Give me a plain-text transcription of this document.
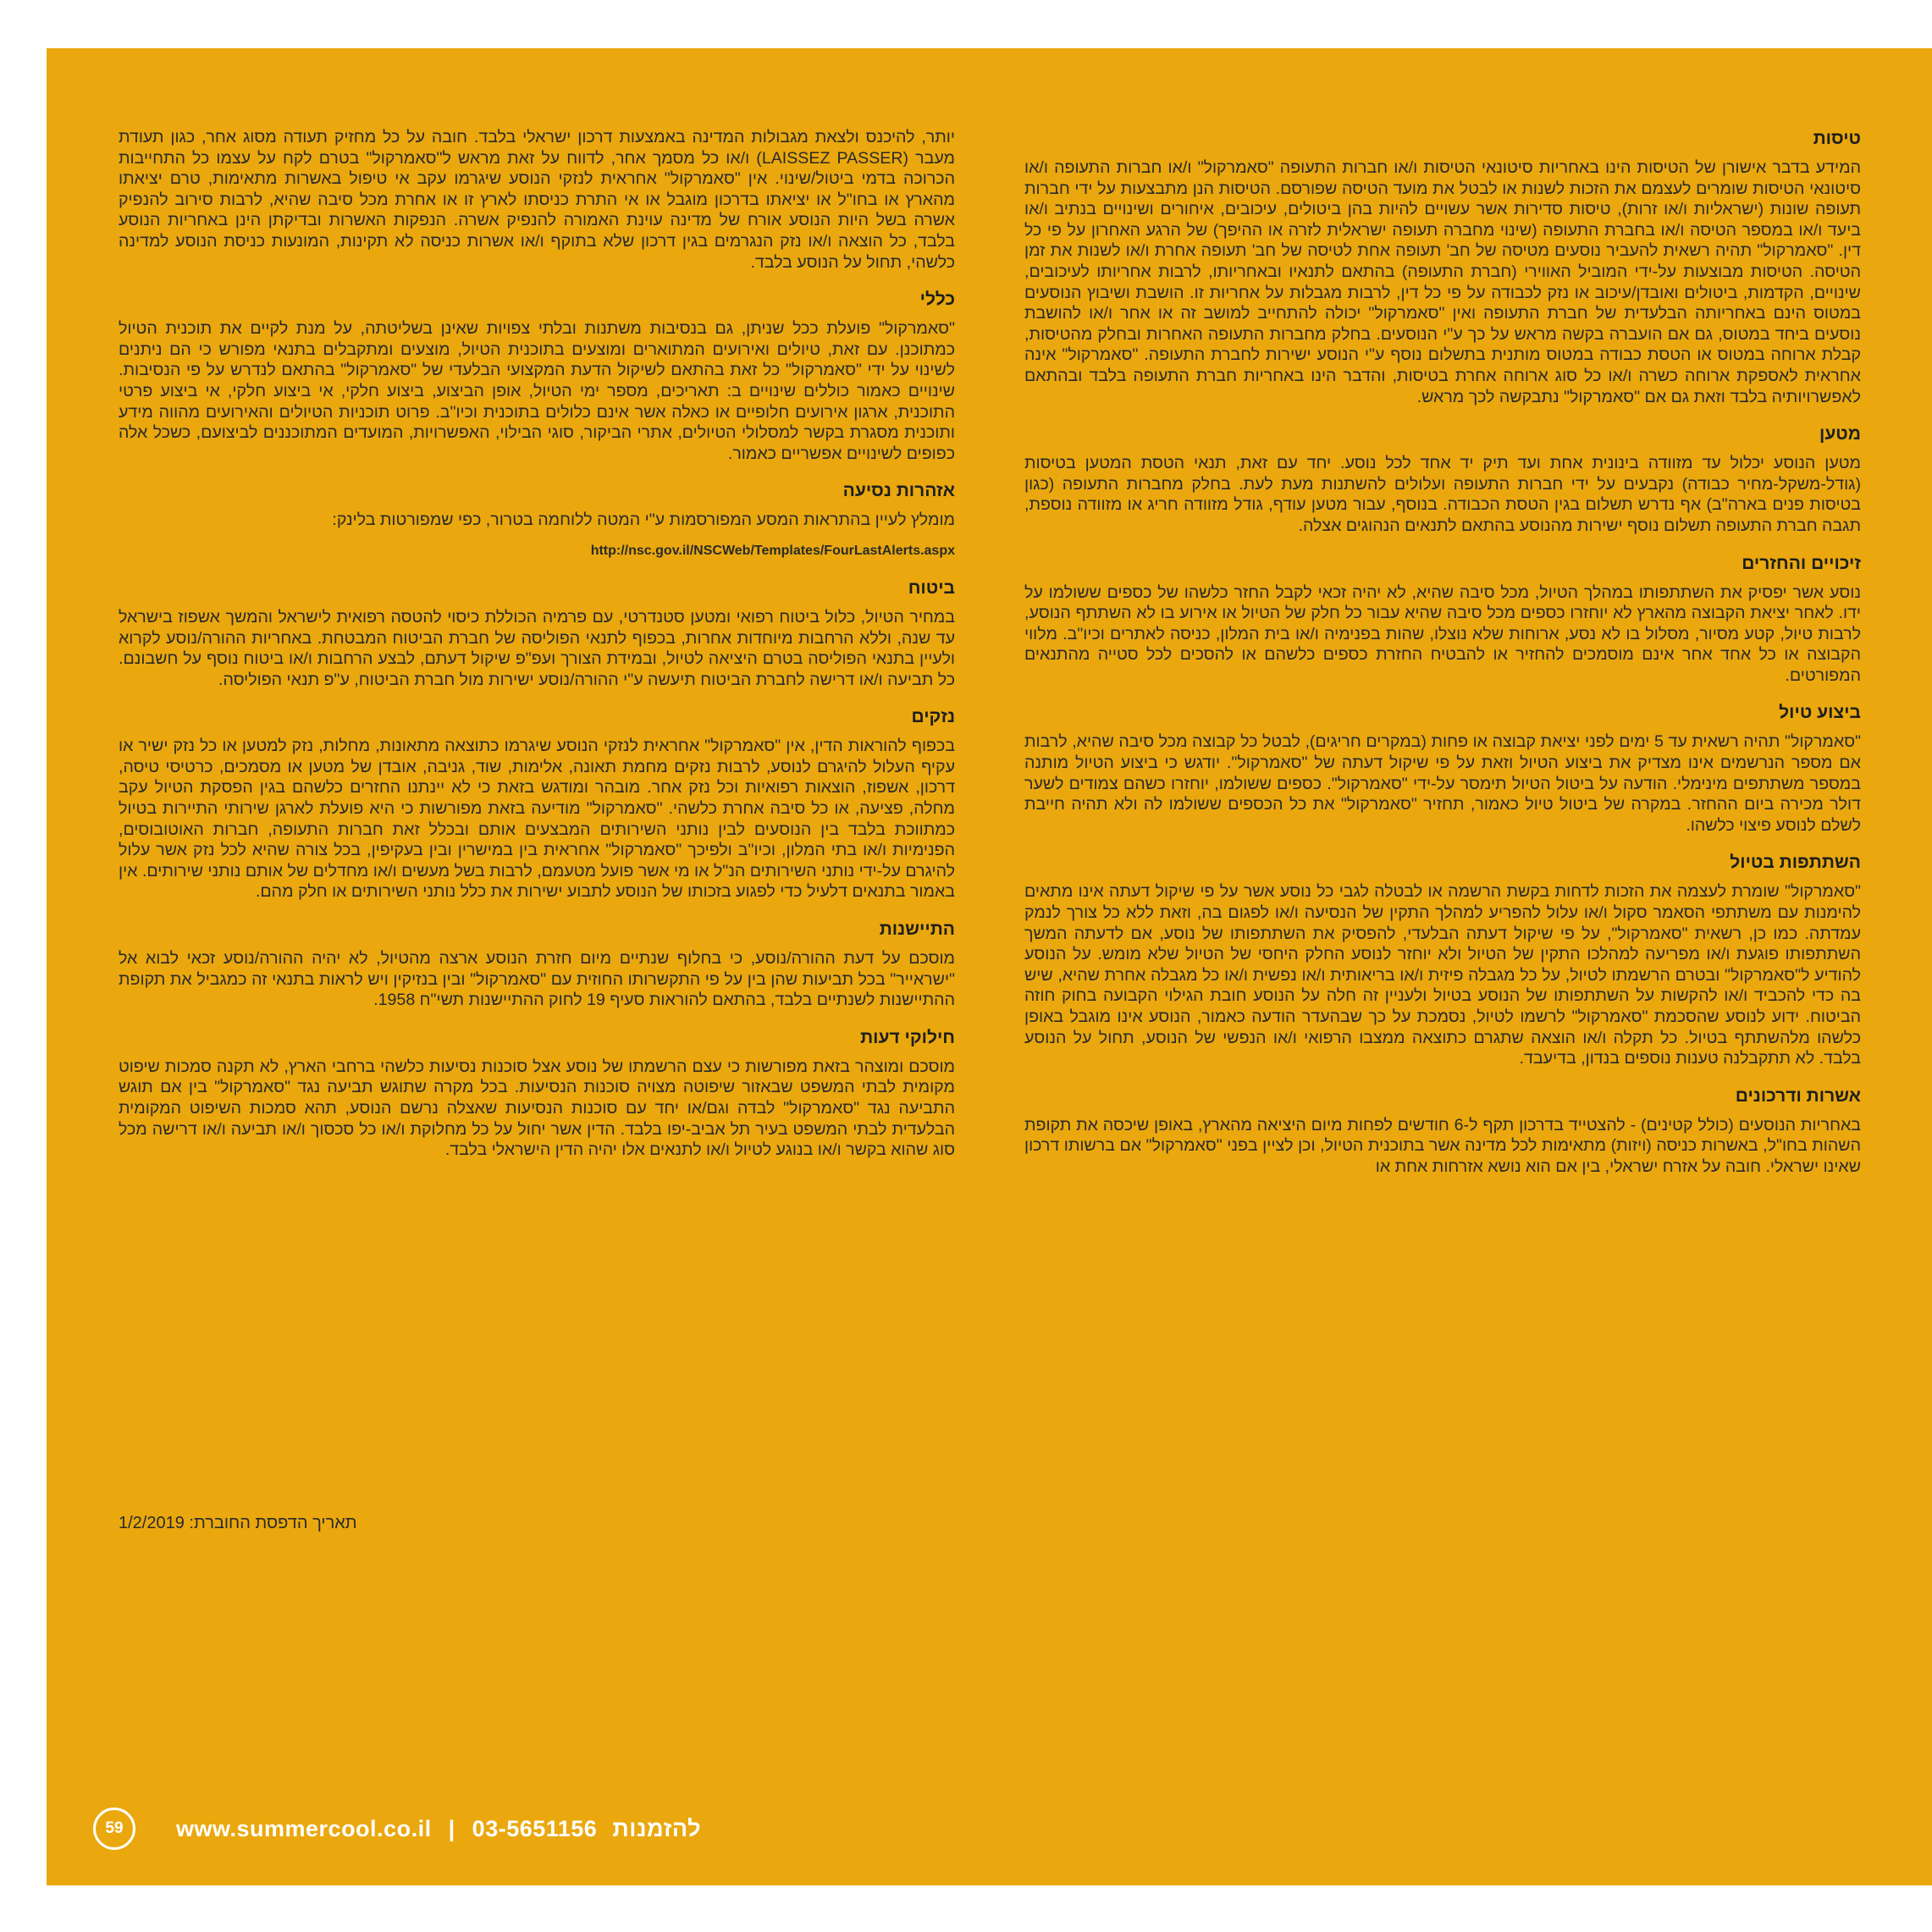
טיסות

המידע בדבר אישורן של הטיסות הינו באחריות סיטונאי הטיסות ו/או חברות התעופה "סאמרקול" ו/או חברות התעופה ו/או סיטונאי הטיסות שומרים לעצמם את הזכות לשנות או לבטל את מועד הטיסה שפורסם. הטיסות הנן מתבצעות על ידי חברות תעופה שונות (ישראליות ו/או זרות), טיסות סדירות אשר עשויים להיות בהן ביטולים, עיכובים, איחורים ושינויים בנתיב ו/או ביעד ו/או במספר הטיסה ו/או בחברת התעופה (שינוי מחברה תעופה ישראלית לזרה או ההיפך) של הרגע האחרון על פי כל דין. "סאמרקול" תהיה רשאית להעביר נוסעים מטיסה של חב' תעופה אחת לטיסה של חב' תעופה אחרת ו/או לשנות את זמן הטיסה. הטיסות מבוצעות על-ידי המוביל האווירי (חברת התעופה) בהתאם לתנאיו ובאחריותו, לרבות אחריותו לעיכובים, שינויים, הקדמות, ביטולים ואובדן/עיכוב או נזק לכבודה על פי כל דין, לרבות מגבלות על אחריות זו. הושבת ושיבוץ הנוסעים במטוס הינם באחריותה הבלעדית של חברת התעופה ואין "סאמרקול" יכולה להתחייב למושב זה או אחר ו/או להושבת נוסעים ביחד במטוס, גם אם הועברה בקשה מראש על כך ע"י הנוסעים. בחלק מחברות התעופה האחרות ובחלק מהטיסות, קבלת ארוחה במטוס או הטסת כבודה במטוס מותנית בתשלום נוסף ע"י הנוסע ישירות לחברת התעופה. "סאמרקול" אינה אחראית לאספקת ארוחה כשרה ו/או כל סוג ארוחה אחרת בטיסות, והדבר הינו באחריות חברת התעופה בלבד ובהתאם לאפשרויותיה בלבד וזאת גם אם "סאמרקול" נתבקשה לכך מראש.

מטען

מטען הנוסע יכלול עד מזוודה בינונית אחת ועד תיק יד אחד לכל נוסע. יחד עם זאת, תנאי הטסת המטען בטיסות (גודל-משקל-מחיר כבודה) נקבעים על ידי חברות התעופה ועלולים להשתנות מעת לעת. בחלק מחברות התעופה (כגון בטיסות פנים בארה"ב) אף נדרש תשלום בגין הטסת הכבודה. בנוסף, עבור מטען עודף, גודל מזוודה חריג או מזוודה נוספת, תגבה חברת התעופה תשלום נוסף ישירות מהנוסע בהתאם לתנאים הנהוגים אצלה.

זיכויים והחזרים

נוסע אשר יפסיק את השתתפותו במהלך הטיול, מכל סיבה שהיא, לא יהיה זכאי לקבל החזר כלשהו של כספים ששולמו על ידו. לאחר יציאת הקבוצה מהארץ לא יוחזרו כספים מכל סיבה שהיא עבור כל חלק של הטיול או אירוע בו לא השתתף הנוסע, לרבות טיול, קטע מסיור, מסלול בו לא נסע, ארוחות שלא נוצלו, שהות בפנימיה ו/או בית המלון, כניסה לאתרים וכיו"ב. מלווי הקבוצה או כל אחד אחר אינם מוסמכים להחזיר או להבטיח החזרת כספים כלשהם או להסכים לכל סטייה מהתנאים המפורטים.

ביצוע טיול

"סאמרקול" תהיה רשאית עד 5 ימים לפני יציאת קבוצה או פחות (במקרים חריגים), לבטל כל קבוצה מכל סיבה שהיא, לרבות אם מספר הנרשמים אינו מצדיק את ביצוע הטיול וזאת על פי שיקול דעתה של "סאמרקול". יודגש כי ביצוע הטיול מותנה במספר משתתפים מינימלי. הודעה על ביטול הטיול תימסר על-ידי "סאמרקול". כספים ששולמו, יוחזרו כשהם צמודים לשער דולר מכירה ביום ההחזר. במקרה של ביטול טיול כאמור, תחזיר "סאמרקול" את כל הכספים ששולמו לה ולא תהיה חייבת לשלם לנוסע פיצוי כלשהו.

השתתפות בטיול

"סאמרקול" שומרת לעצמה את הזכות לדחות בקשת הרשמה או לבטלה לגבי כל נוסע אשר על פי שיקול דעתה אינו מתאים להימנות עם משתתפי הסאמר סקול ו/או עלול להפריע למהלך התקין של הנסיעה ו/או לפגום בה, וזאת ללא כל צורך לנמק עמדתה. כמו כן, רשאית "סאמרקול", על פי שיקול דעתה הבלעדי, להפסיק את השתתפותו של נוסע, אם לדעתה המשך השתתפותו פוגעת ו/או מפריעה למהלכו התקין של הטיול ולא יוחזר לנוסע החלק היחסי של הטיול שלא מומש. על הנוסע להודיע ל"סאמרקול" ובטרם הרשמתו לטיול, על כל מגבלה פיזית ו/או בריאותית ו/או נפשית ו/או כל מגבלה אחרת שהיא, שיש בה כדי להכביד ו/או להקשות על השתתפותו של הנוסע בטיול ולעניין זה חלה על הנוסע חובת הגילוי הקבועה בחוק חוזה הביטוח. ידוע לנוסע שהסכמת "סאמרקול" לרשמו לטיול, נסמכת על כך שבהעדר הודעה כאמור, הנוסע אינו מוגבל באופן כלשהו מלהשתתף בטיול. כל תקלה ו/או הוצאה שתגרם כתוצאה ממצבו הרפואי ו/או הנפשי של הנוסע, תחול על הנוסע בלבד. לא תתקבלנה טענות נוספים בנדון, בדיעבד.

אשרות ודרכונים

באחריות הנוסעים (כולל קטינים) - להצטייד בדרכון תקף ל-6 חודשים לפחות מיום היציאה מהארץ, באופן שיכסה את תקופת השהות בחו"ל, באשרות כניסה (ויזות) מתאימות לכל מדינה אשר בתוכנית הטיול, וכן לציין בפני "סאמרקול" אם ברשותו דרכון שאינו ישראלי. חובה על אזרח ישראלי, בין אם הוא נושא אזרחות אחת או

יותר, להיכנס ולצאת מגבולות המדינה באמצעות דרכון ישראלי בלבד. חובה על כל מחזיק תעודה מסוג אחר, כגון תעודת מעבר (LAISSEZ PASSER) ו/או כל מסמך אחר, לדווח על זאת מראש ל"סאמרקול" בטרם לקח על עצמו כל התחייבות הכרוכה בדמי ביטול/שינוי. אין "סאמרקול" אחראית לנזקי הנוסע שיגרמו עקב אי טיפול באשרות מתאימות, טרם יציאתו מהארץ או בחו"ל או יציאתו בדרכון מוגבל או אי התרת כניסתו לארץ זו או אחרת מכל סיבה שהיא, לרבות סירוב להנפיק אשרה בשל היות הנוסע אורח של מדינה עוינת האמורה להנפיק אשרה. הנפקות האשרות ובדיקתן הינן באחריות הנוסע בלבד, כל הוצאה ו/או נזק הנגרמים בגין דרכון שלא בתוקף ו/או אשרות כניסה לא תקינות, המונעות כניסת הנוסע למדינה כלשהי, תחול על הנוסע בלבד.

כללי

"סאמרקול" פועלת ככל שניתן, גם בנסיבות משתנות ובלתי צפויות שאינן בשליטתה, על מנת לקיים את תוכנית הטיול כמתוכנן. עם זאת, טיולים ואירועים המתוארים ומוצעים בתוכנית הטיול, מוצעים ומתקבלים בתנאי מפורש כי הם ניתנים לשינוי על ידי "סאמרקול" כל זאת בהתאם לשיקול הדעת המקצועי הבלעדי של "סאמרקול" בהתאם לנדרש על פי הנסיבות. שינויים כאמור כוללים שינויים ב: תאריכים, מספר ימי הטיול, אופן הביצוע, ביצוע חלקי, אי ביצוע חלקי, אי ביצוע פרטי התוכנית, ארגון אירועים חלופיים או כאלה אשר אינם כלולים בתוכנית וכיו"ב. פרוט תוכניות הטיולים והאירועים מהווה מידע ותוכנית מסגרת בקשר למסלולי הטיולים, אתרי הביקור, סוגי הבילוי, האפשרויות, המועדים המתוכננים לביצועם, כשכל אלה כפופים לשינויים אפשריים כאמור.

אזהרות נסיעה

מומלץ לעיין בהתראות המסע המפורסמות ע"י המטה ללוחמה בטרור, כפי שמפורטות בלינק:

http://nsc.gov.il/NSCWeb/Templates/FourLastAlerts.aspx
ביטוח

במחיר הטיול, כלול ביטוח רפואי ומטען סטנדרטי, עם פרמיה הכוללת כיסוי להטסה רפואית לישראל והמשך אשפוז בישראל עד שנה, וללא הרחבות מיוחדות אחרות, בכפוף לתנאי הפוליסה של חברת הביטוח המבטחת. באחריות ההורה/נוסע לקרוא ולעיין בתנאי הפוליסה בטרם היציאה לטיול, ובמידת הצורך ועפ"פ שיקול דעתם, לבצע הרחבות ו/או ביטוח נוסף על חשבונם. כל תביעה ו/או דרישה לחברת הביטוח תיעשה ע"י ההורה/נוסע ישירות מול חברת הביטוח, ע"פ תנאי הפוליסה.

נזקים

בכפוף להוראות הדין, אין "סאמרקול" אחראית לנזקי הנוסע שיגרמו כתוצאה מתאונות, מחלות, נזק למטען או כל נזק ישיר או עקיף העלול להיגרם לנוסע, לרבות נזקים מחמת תאונה, אלימות, שוד, גניבה, אובדן של מטען או מסמכים, כרטיסי טיסה, דרכון, אשפוז, הוצאות רפואיות וכל נזק אחר. מובהר ומודגש בזאת כי לא יינתנו החזרים כלשהם בגין הפסקת הטיול עקב מחלה, פציעה, או כל סיבה אחרת כלשהי. "סאמרקול" מודיעה בזאת מפורשות כי היא פועלת לארגן שירותי התיירות בטיול כמתווכת בלבד בין הנוסעים לבין נותני השירותים המבצעים אותם ובכלל זאת חברות התעופה, חברות האוטובוסים, הפנימיות ו/או בתי המלון, וכיו"ב ולפיכך "סאמרקול" אחראית בין במישרין ובין בעקיפין, בכל צורה שהיא לכל נזק אשר עלול להיגרם על-ידי נותני השירותים הנ"ל או מי אשר פועל מטעמם, לרבות בשל מעשים ו/או מחדלים של אותם נותני שירותים. אין באמור בתנאים דלעיל כדי לפגוע בזכותו של הנוסע לתבוע ישירות את כלל נותני השירותים או חלק מהם.

התיישנות

מוסכם על דעת ההורה/נוסע, כי בחלוף שנתיים מיום חזרת הנוסע ארצה מהטיול, לא יהיה ההורה/נוסע זכאי לבוא אל "ישראייר" בכל תביעות שהן בין על פי התקשרותו החוזית עם "סאמרקול" ובין בנזיקין ויש לראות בתנאי זה כמגביל את תקופת ההתיישנות לשנתיים בלבד, בהתאם להוראות סעיף 19 לחוק ההתיישנות תשי"ח 1958.

חילוקי דעות

מוסכם ומוצהר בזאת מפורשות כי עצם הרשמתו של נוסע אצל סוכנות נסיעות כלשהי ברחבי הארץ, לא תקנה סמכות שיפוט מקומית לבתי המשפט שבאזור שיפוטה מצויה סוכנות הנסיעות. בכל מקרה שתוגש תביעה נגד "סאמרקול" בין אם תוגש התביעה נגד "סאמרקול" לבדה וגם/או יחד עם סוכנות הנסיעות שאצלה נרשם הנוסע, תהא סמכות השיפוט המקומית הבלעדית לבתי המשפט בעיר תל אביב-יפו בלבד. הדין אשר יחול על כל מחלוקת ו/או כל סכסוך ו/או תביעה ו/או דרישה מכל סוג שהוא בקשר ו/או בנוגע לטיול ו/או לתנאים אלו יהיה הדין הישראלי בלבד.

תאריך הדפסת החוברת: 1/2/2019
59	www.summercool.co.il | 03-5651156 להזמנות
